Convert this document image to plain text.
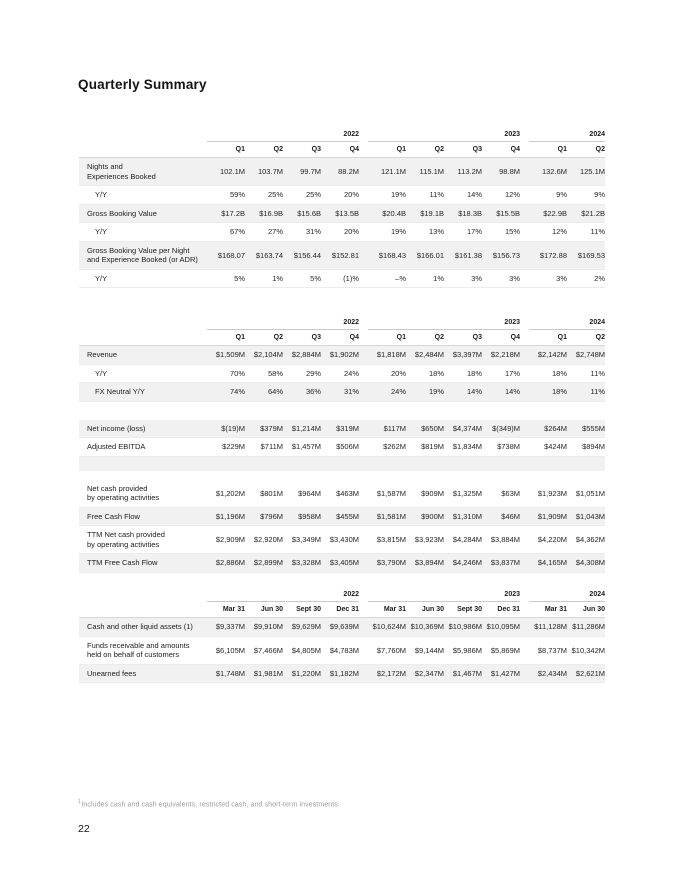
Quarterly Summary
2022	2023	2024
Q1	Q2	Q3	Q4	Q1	Q2	Q3	Q4	Q1	Q2
Nights and
Experiences Booked	102.1M	103.7M	99.7M	88.2M	121.1M	115.1M	113.2M	98.8M	132.6M	125.1M
Y/Y	59%	25%	25%	20%	19%	11%	14%	12%	9%	9%
Gross Booking Value	$17.2B	$16.9B	$15.6B	$13.5B	$20.4B	$19.1B	$18.3B	$15.5B	$22.9B	$21.2B
Y/Y	67%	27%	31%	20%	19%	13%	17%	15%	12%	11%
Gross Booking Value per Night
and Experience Booked (or ADR)	$168.07	$163.74	$156.44	$152.81	$168.43	$166.01	$161.38	$156.73	$172.88	$169.53
Y/Y	5%	1%	5%	(1)%	–%	1%	3%	3%	3%	2%
2022	2023	2024
Q1	Q2	Q3	Q4	Q1	Q2	Q3	Q4	Q1	Q2
Revenue	$1,509M	$2,104M	$2,884M	$1,902M	$1,818M	$2,484M	$3,397M	$2,218M	$2,142M	$2,748M
Y/Y	70%	58%	29%	24%	20%	18%	18%	17%	18%	11%
FX Neutral Y/Y	74%	64%	36%	31%	24%	19%	14%	14%	18%	11%
Net income (loss)	$(19)M	$379M	$1,214M	$319M	$117M	$650M	$4,374M	$(349)M	$264M	$555M
Adjusted EBITDA	$229M	$711M	$1,457M	$506M	$262M	$819M	$1,834M	$738M	$424M	$894M
Net cash provided
by operating activities	$1,202M	$801M	$964M	$463M	$1,587M	$909M	$1,325M	$63M	$1,923M	$1,051M
Free Cash Flow	$1,196M	$796M	$958M	$455M	$1,581M	$900M	$1,310M	$46M	$1,909M	$1,043M
TTM Net cash provided
by operating activities	$2,909M	$2,920M	$3,349M	$3,430M	$3,815M	$3,923M	$4,284M	$3,884M	$4,220M	$4,362M
TTM Free Cash Flow	$2,886M	$2,899M	$3,328M	$3,405M	$3,790M	$3,894M	$4,246M	$3,837M	$4,165M	$4,308M
2022	2023	2024
Mar 31	Jun 30	Sept 30	Dec 31	Mar 31	Jun 30	Sept 30	Dec 31	Mar 31	Jun 30
Cash and other liquid assets (1)	$9,337M	$9,910M	$9,629M	$9,639M	$10,624M $10,369M $10,986M $10,095M	$11,128M $11,286M
Funds receivable and amounts
held on behalf of customers	$6,105M	$7,466M	$4,805M	$4,783M	$7,760M	$9,144M	$5,986M	$5,869M	$8,737M $10,342M
Unearned fees	$1,748M	$1,981M	$1,220M	$1,182M	$2,172M	$2,347M	$1,467M	$1,427M	$2,434M	$2,621M
$^1$Includes cash and cash equivalents, restricted cash, and short-term investments.
22
